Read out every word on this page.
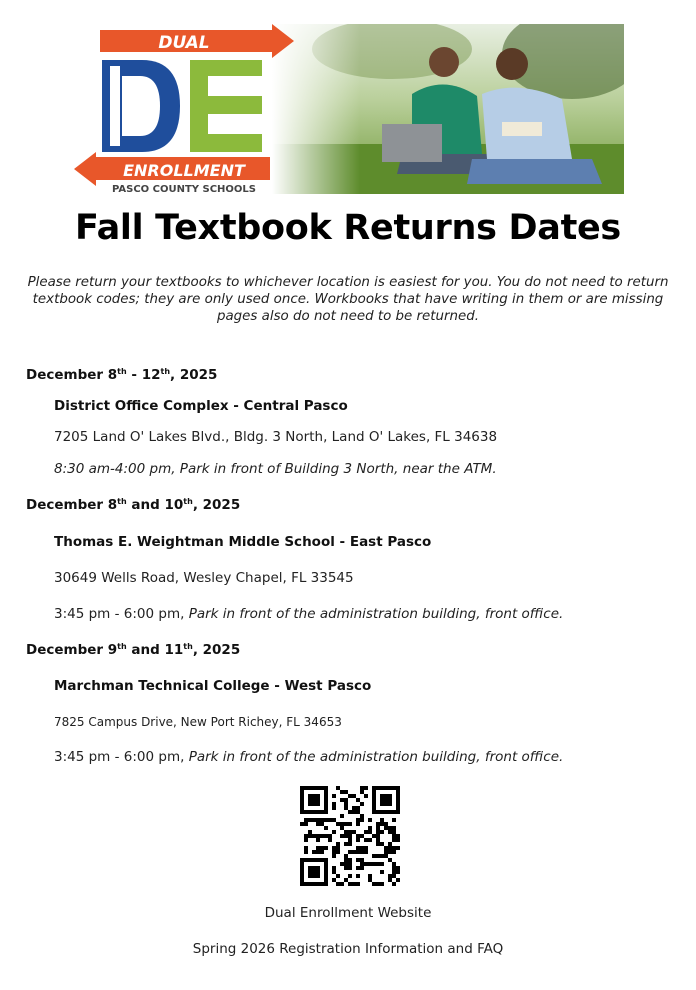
DUAL
ENROLLMENT
PASCO COUNTY SCHOOLS
Fall Textbook Returns Dates
Please return your textbooks to whichever location is easiest for you. You do not need to return textbook codes; they are only used once. Workbooks that have writing in them or are missing pages also do not need to be returned.
December 8th - 12th, 2025
District Office Complex - Central Pasco
7205 Land O' Lakes Blvd., Bldg. 3 North, Land O' Lakes, FL 34638
8:30 am-4:00 pm, Park in front of Building 3 North, near the ATM.
December 8th and 10th, 2025
Thomas E. Weightman Middle School - East Pasco
30649 Wells Road, Wesley Chapel, FL 33545
3:45 pm - 6:00 pm, Park in front of the administration building, front office.
December 9th and 11th, 2025
Marchman Technical College - West Pasco
7825 Campus Drive, New Port Richey, FL 34653
3:45 pm - 6:00 pm, Park in front of the administration building, front office.
Dual Enrollment Website
Spring 2026 Registration Information and FAQ
